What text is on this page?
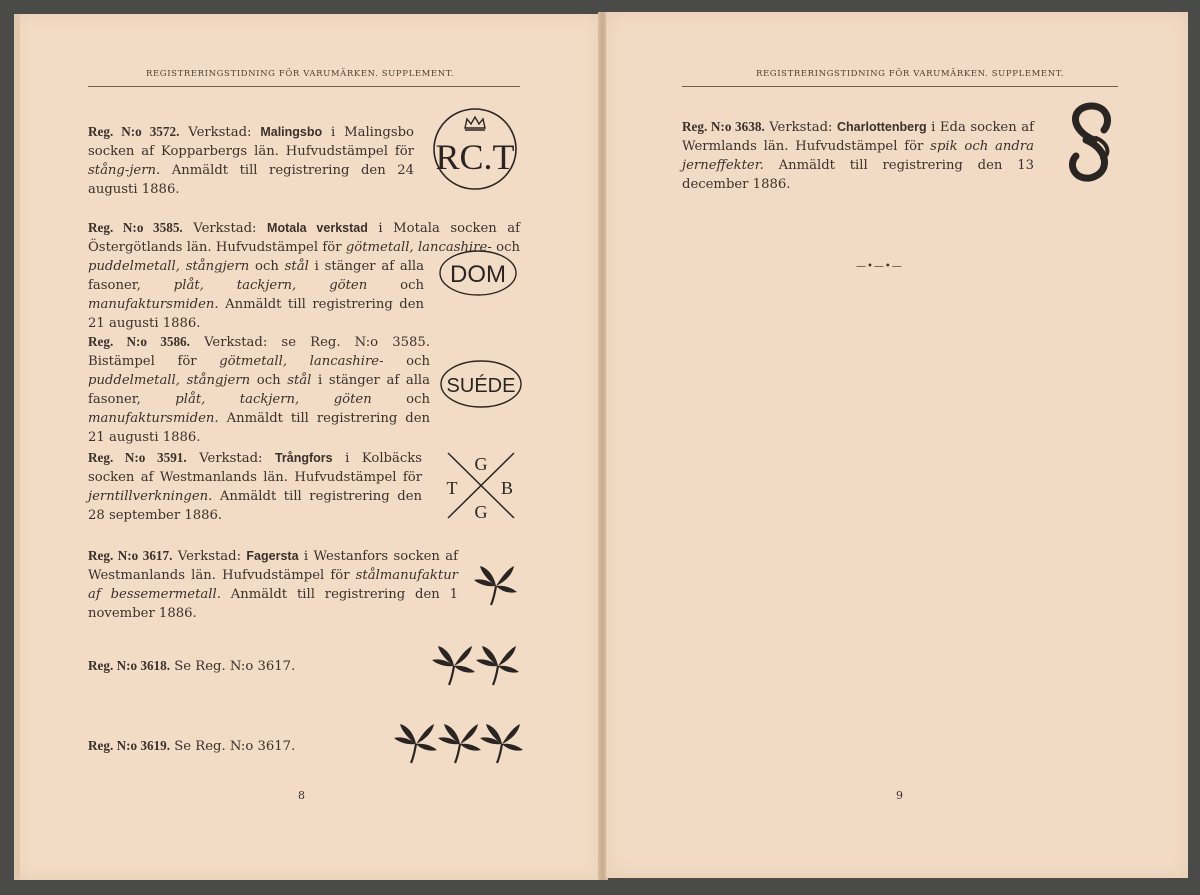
REGISTRERINGSTIDNING FÖR VARUMÄRKEN. SUPPLEMENT.
Reg. N:o 3572. Verkstad: Malingsbo i Malingsbo socken af Kopparbergs län. Hufvudstämpel för stång-jern. Anmäldt till registrering den 24 augusti 1886.
RC.T
Reg. N:o 3585. Verkstad: Motala verkstad i Motala socken af Östergötlands län. Hufvudstämpel för
götmetall, lancashire- och puddelmetall, stångjern och stål i stänger af alla fasoner, plåt, tackjern, göten och manufaktursmiden. Anmäldt till registrering den 21 augusti 1886.
DOM
Reg. N:o 3586. Verkstad: se Reg. N:o 3585. Bistämpel för götmetall, lancashire- och puddelmetall, stångjern och stål i stänger af alla fasoner, plåt, tackjern, göten och manufaktursmiden. Anmäldt till registrering den 21 augusti 1886.
SUÉDE
Reg. N:o 3591. Verkstad: Trångfors i Kolbäcks socken af Westmanlands län. Hufvudstämpel för jerntillverkningen. Anmäldt till registrering den 28 september 1886.
G
T B
G
Reg. N:o 3617. Verkstad: Fagersta i Westanfors socken af Westmanlands län. Hufvudstämpel för stålmanufaktur af bessemermetall. Anmäldt till registrering den 1 november 1886.
Reg. N:o 3618. Se Reg. N:o 3617.
Reg. N:o 3619. Se Reg. N:o 3617.
8
REGISTRERINGSTIDNING FÖR VARUMÄRKEN. SUPPLEMENT.
Reg. N:o 3638. Verkstad: Charlottenberg i Eda socken af Wermlands län. Hufvudstämpel för spik och andra jerneffekter. Anmäldt till registrering den 13 december 1886.
—•—•—
9
